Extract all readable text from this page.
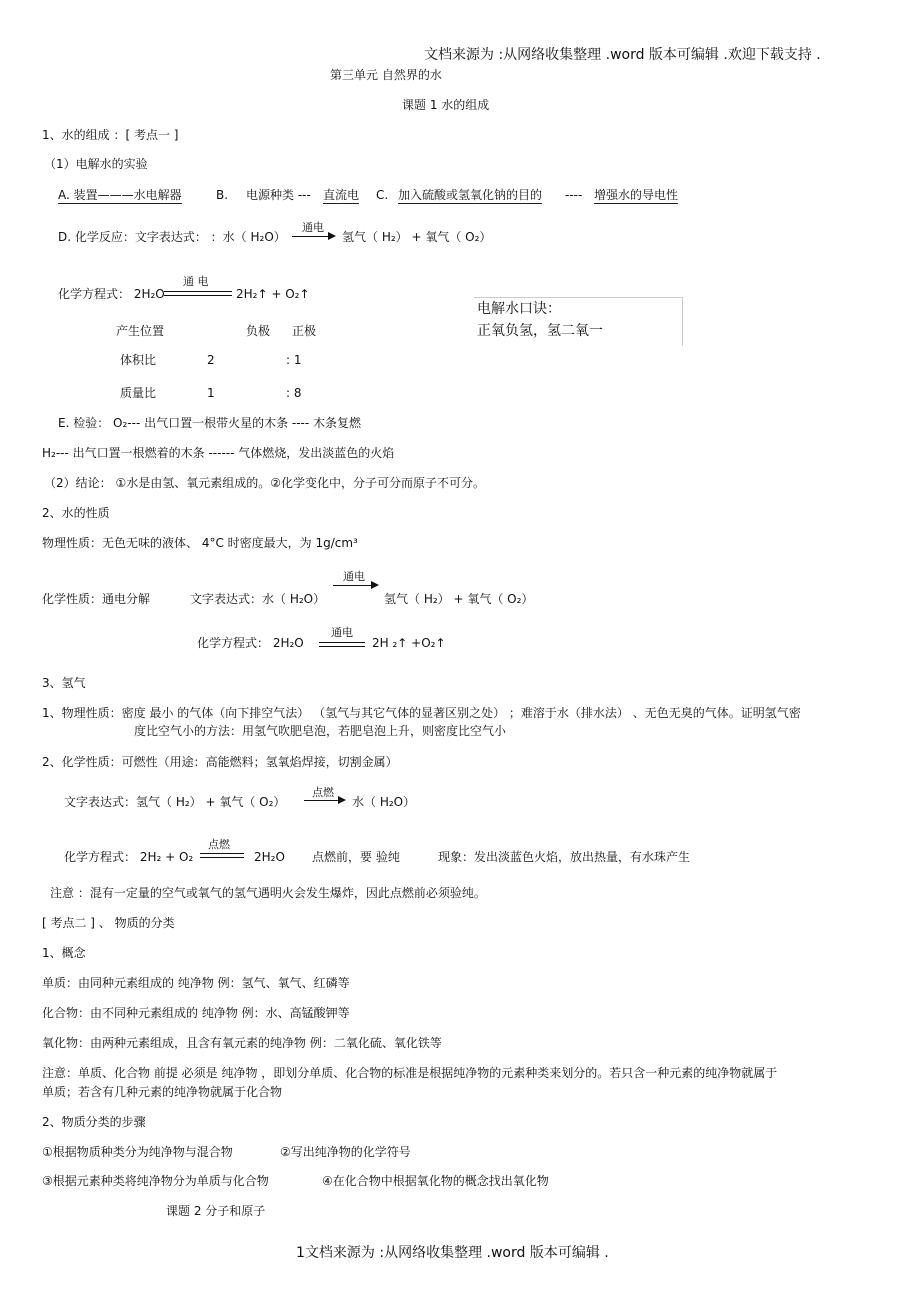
文档来源为 :从网络收集整理 .word 版本可编辑 .欢迎下载支持 .
第三单元 自然界的水
课题 1 水的组成
1、水的组成 ：[ 考点一 ]
（1）电解水的实验
A. 装置———水电解器	B. 电源种类 --- 直流电 C. 加入硫酸或氢氧化钠的目的 ---- 增强水的导电性
D. 化学反应：文字表达式： ：水（ H₂O）
通电
→ 氢气（ H₂） + 氧气（ O₂）
化学方程式： 2H₂O
通 电
2H₂↑ + O₂↑
电解水口诀：
正氧负氢，氢二氧一
产生位置	负极 正极
体积比	2	: 1
质量比	1	: 8
E. 检验： O₂--- 出气口置一根带火星的木条 ---- 木条复燃
H₂--- 出气口置一根燃着的木条 ------ 气体燃烧，发出淡蓝色的火焰
（2）结论： ①水是由氢、氧元素组成的。②化学变化中，分子可分而原子不可分。
2、水的性质
物理性质：无色无味的液体、 4°C 时密度最大，为 1g/cm³
化学性质：通电分解	文字表达式：水（ H₂O）
通电
氢气（ H₂） + 氧气（ O₂）
化学方程式： 2H₂O
通电
2H ₂↑ +O₂↑
3、氢气
1、物理性质：密度 最小 的气体（向下排空气法） （氢气与其它气体的显著区别之处） ；难溶于水（排水法） 、无色无臭的气体。证明氢气密
度比空气小的方法：用氢气吹肥皂泡，若肥皂泡上升，则密度比空气小
2、化学性质：可燃性（用途：高能燃料；氢氧焰焊接，切割金属）
文字表达式：氢气（ H₂） + 氧气（ O₂）
点燃
→ 水（ H₂O）
化学方程式： 2H₂ + O₂
点燃
2H₂O 点燃前，要 验纯	现象：发出淡蓝色火焰，放出热量，有水珠产生
注意 ：混有一定量的空气或氧气的氢气遇明火会发生爆炸，因此点燃前必须验纯。
[ 考点二 ] 、 物质的分类
1、概念
单质：由同种元素组成的 纯净物 例：氢气、氧气、红磷等
化合物：由不同种元素组成的 纯净物 例：水、高锰酸钾等
氧化物：由两种元素组成，且含有氧元素的纯净物 例：二氧化硫、氧化铁等
注意：单质、化合物 前提 必须是 纯净物 ，即划分单质、化合物的标准是根据纯净物的元素种类来划分的。若只含一种元素的纯净物就属于
单质；若含有几种元素的纯净物就属于化合物
2、物质分类的步骤
①根据物质种类分为纯净物与混合物	②写出纯净物的化学符号
③根据元素种类将纯净物分为单质与化合物	④在化合物中根据氧化物的概念找出氧化物
课题 2 分子和原子
1文档来源为 :从网络收集整理 .word 版本可编辑 .
